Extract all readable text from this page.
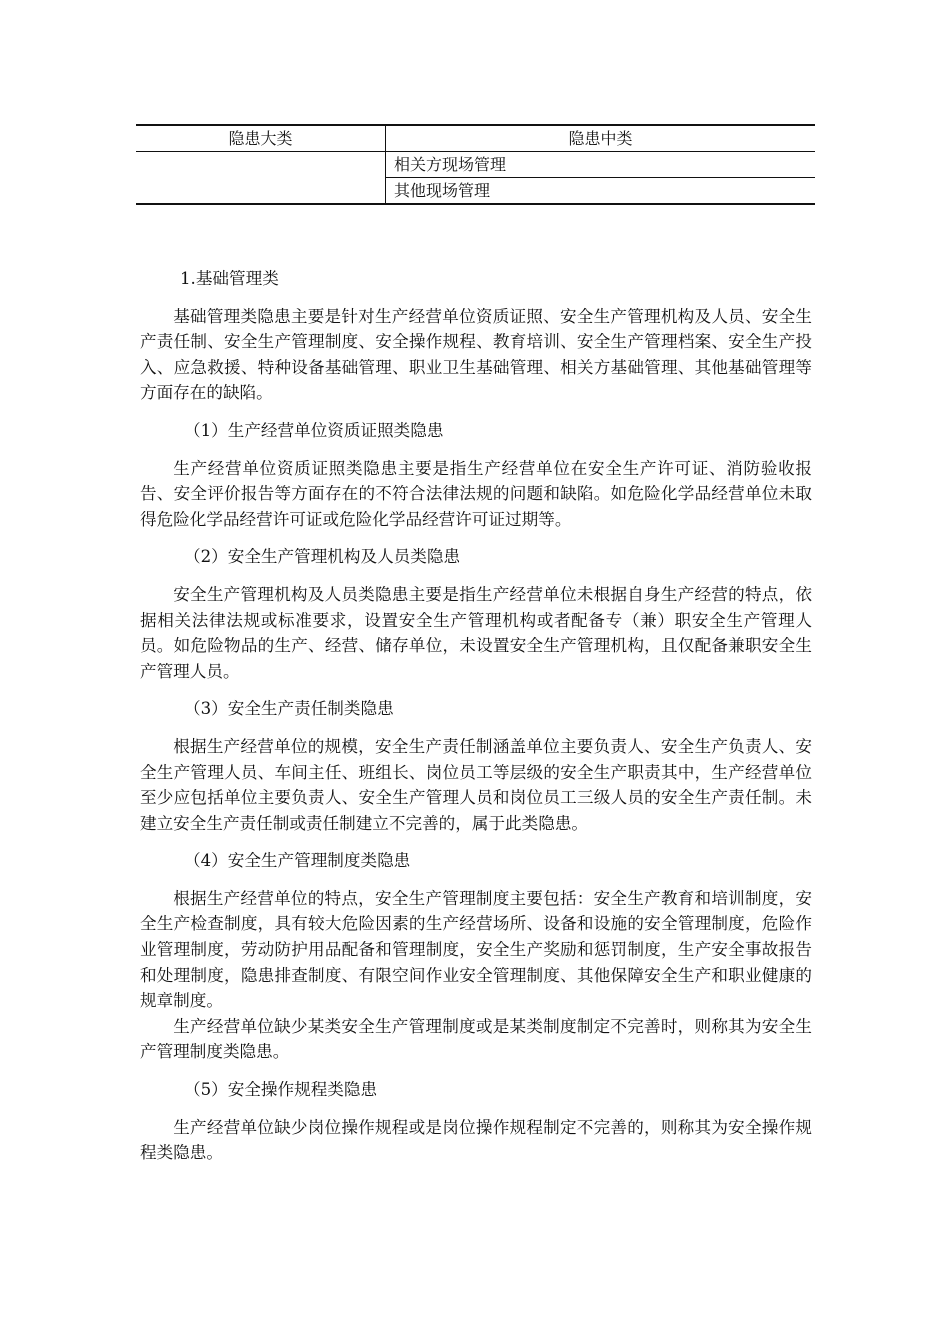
隐患大类	隐患中类
	相关方现场管理
	其他现场管理

1.基础管理类

基础管理类隐患主要是针对生产经营单位资质证照、安全生产管理机构及人员、安全生产责任制、安全生产管理制度、安全操作规程、教育培训、安全生产管理档案、安全生产投入、应急救援、特种设备基础管理、职业卫生基础管理、相关方基础管理、其他基础管理等方面存在的缺陷。

（1）生产经营单位资质证照类隐患

生产经营单位资质证照类隐患主要是指生产经营单位在安全生产许可证、消防验收报告、安全评价报告等方面存在的不符合法律法规的问题和缺陷。如危险化学品经营单位未取得危险化学品经营许可证或危险化学品经营许可证过期等。

（2）安全生产管理机构及人员类隐患

安全生产管理机构及人员类隐患主要是指生产经营单位未根据自身生产经营的特点，依据相关法律法规或标准要求，设置安全生产管理机构或者配备专（兼）职安全生产管理人员。如危险物品的生产、经营、储存单位，未设置安全生产管理机构，且仅配备兼职安全生产管理人员。

（3）安全生产责任制类隐患

根据生产经营单位的规模，安全生产责任制涵盖单位主要负责人、安全生产负责人、安全生产管理人员、车间主任、班组长、岗位员工等层级的安全生产职责其中，生产经营单位至少应包括单位主要负责人、安全生产管理人员和岗位员工三级人员的安全生产责任制。未建立安全生产责任制或责任制建立不完善的，属于此类隐患。

（4）安全生产管理制度类隐患

根据生产经营单位的特点，安全生产管理制度主要包括：安全生产教育和培训制度，安全生产检查制度，具有较大危险因素的生产经营场所、设备和设施的安全管理制度，危险作业管理制度，劳动防护用品配备和管理制度，安全生产奖励和惩罚制度，生产安全事故报告和处理制度，隐患排查制度、有限空间作业安全管理制度、其他保障安全生产和职业健康的规章制度。

生产经营单位缺少某类安全生产管理制度或是某类制度制定不完善时，则称其为安全生产管理制度类隐患。

（5）安全操作规程类隐患

生产经营单位缺少岗位操作规程或是岗位操作规程制定不完善的，则称其为安全操作规程类隐患。
